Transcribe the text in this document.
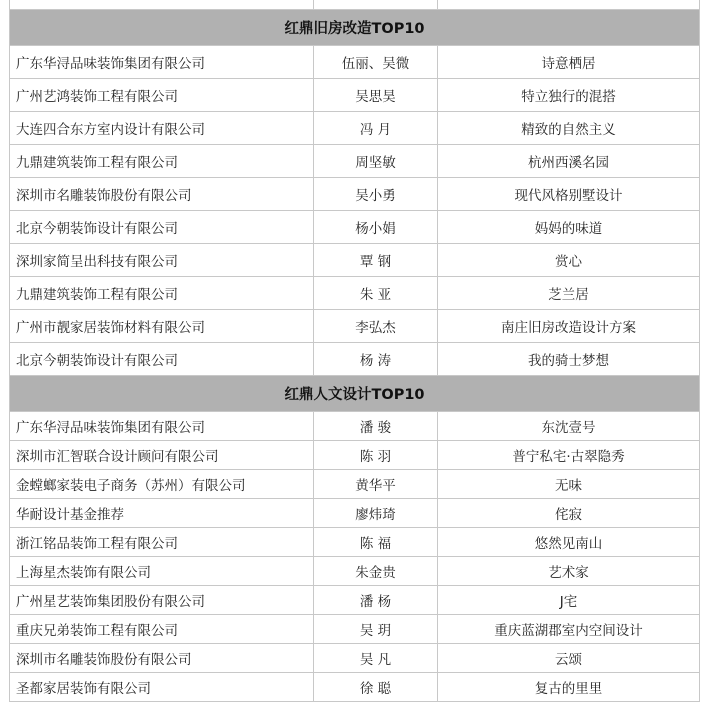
红鼎旧房改造TOP10		
广东华浔品味装饰集团有限公司	伍丽、吴微	诗意栖居
广州艺鸿装饰工程有限公司	吴思昊	特立独行的混搭
大连四合东方室内设计有限公司	冯 月	精致的自然主义
九鼎建筑装饰工程有限公司	周坚敏	杭州西溪名园
深圳市名雕装饰股份有限公司	吴小勇	现代风格别墅设计
北京今朝装饰设计有限公司	杨小娟	妈妈的味道
深圳家简呈出科技有限公司	覃 钢	赏心
九鼎建筑装饰工程有限公司	朱 亚	芝兰居
广州市靓家居装饰材料有限公司	李弘杰	南庄旧房改造设计方案
北京今朝装饰设计有限公司	杨 涛	我的骑士梦想
红鼎人文设计TOP10		
广东华浔品味装饰集团有限公司	潘 骏	东沈壹号
深圳市汇智联合设计顾问有限公司	陈 羽	普宁私宅·古翠隐秀
金螳螂家装电子商务（苏州）有限公司	黄华平	无味
华耐设计基金推荐	廖炜琦	侘寂
浙江铭品装饰工程有限公司	陈 福	悠然见南山
上海星杰装饰有限公司	朱金贵	艺术家
广州星艺装饰集团股份有限公司	潘 杨	J宅
重庆兄弟装饰工程有限公司	吴 玥	重庆蓝湖郡室内空间设计
深圳市名雕装饰股份有限公司	吴 凡	云颂
圣都家居装饰有限公司	徐 聪	复古的里里
